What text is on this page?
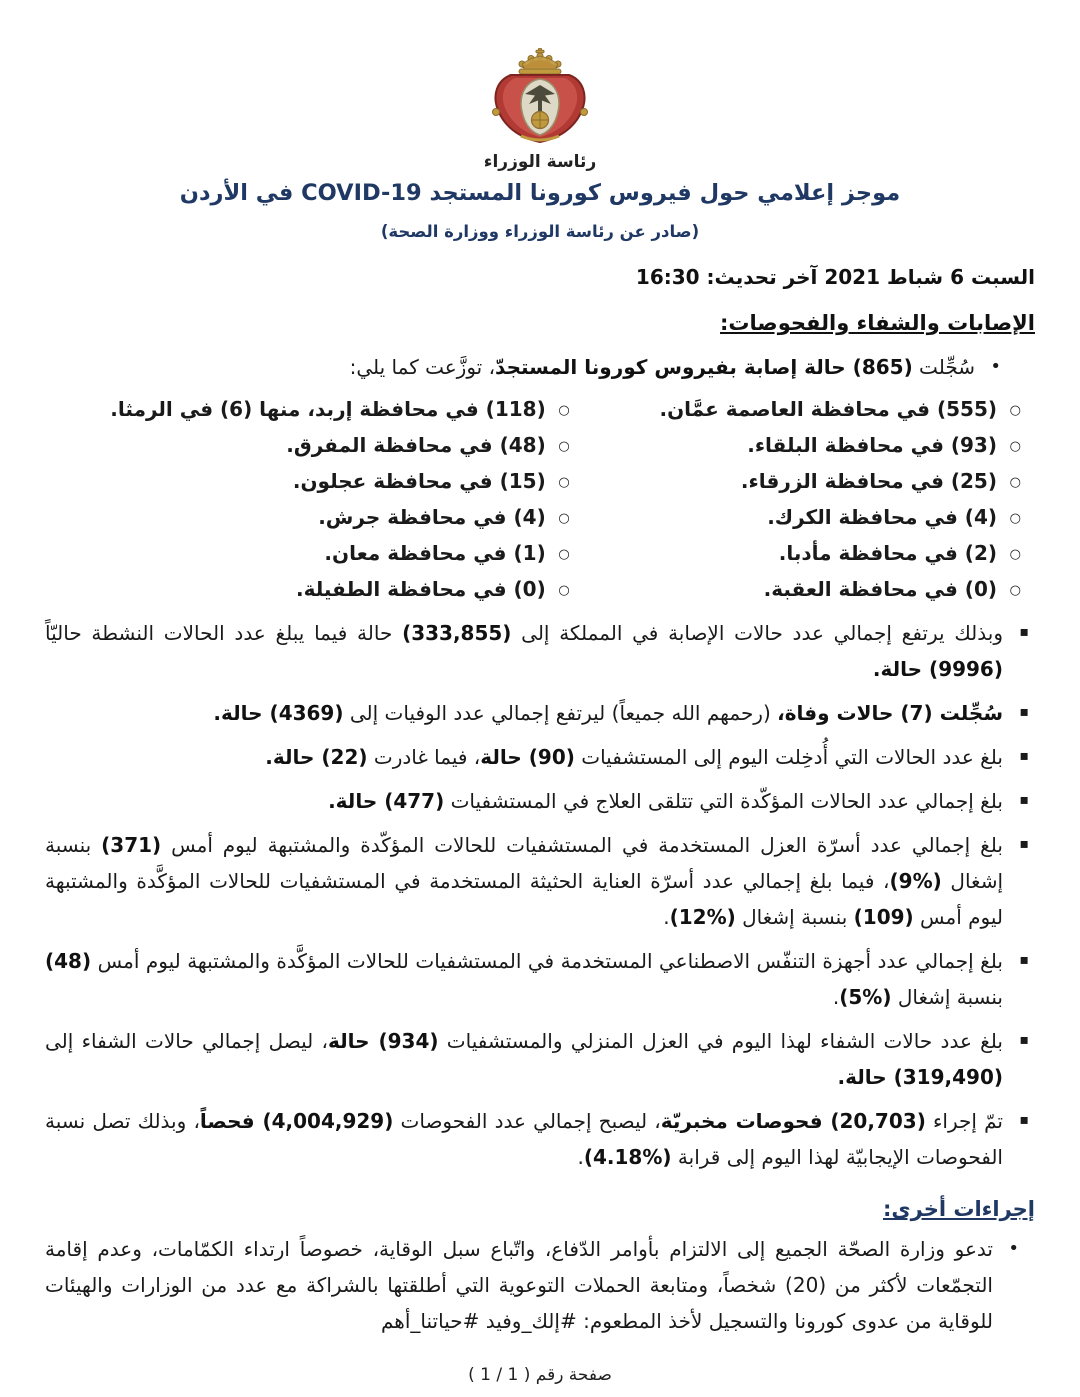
رئاسة الوزراء
موجز إعلامي حول فيروس كورونا المستجد COVID-19 في الأردن
(صادر عن رئاسة الوزراء ووزارة الصحة)
السبت 6 شباط 2021 آخر تحديث: 16:30
الإصابات والشفاء والفحوصات:
•

سُجِّلت (865) حالة إصابة بفيروس كورونا المستجدّ، توزَّعت كما يلي:

○
(555) في محافظة العاصمة عمَّان.
○
(93) في محافظة البلقاء.
○
(25) في محافظة الزرقاء.
○
(4) في محافظة الكرك.
○
(2) في محافظة مأدبا.
○
(0) في محافظة العقبة.
○
(118) في محافظة إربد، منها (6) في الرمثا.
○
(48) في محافظة المفرق.
○
(15) في محافظة عجلون.
○
(4) في محافظة جرش.
○
(1) في محافظة معان.
○
(0) في محافظة الطفيلة.
▪

وبذلك يرتفع إجمالي عدد حالات الإصابة في المملكة إلى (333,855) حالة فيما يبلغ عدد الحالات النشطة حاليّاً (9996) حالة.

▪

سُجِّلت (7) حالات وفاة، (رحمهم الله جميعاً) ليرتفع إجمالي عدد الوفيات إلى (4369) حالة.

▪

بلغ عدد الحالات التي أُدخِلت اليوم إلى المستشفيات (90) حالة، فيما غادرت (22) حالة.

▪

بلغ إجمالي عدد الحالات المؤكّدة التي تتلقى العلاج في المستشفيات (477) حالة.

▪

بلغ إجمالي عدد أسرّة العزل المستخدمة في المستشفيات للحالات المؤكّدة والمشتبهة ليوم أمس (371) بنسبة إشغال (%9)، فيما بلغ إجمالي عدد أسرّة العناية الحثيثة المستخدمة في المستشفيات للحالات المؤكَّدة والمشتبهة ليوم أمس (109) بنسبة إشغال (%12).

▪

بلغ إجمالي عدد أجهزة التنفّس الاصطناعي المستخدمة في المستشفيات للحالات المؤكَّدة والمشتبهة ليوم أمس (48) بنسبة إشغال (%5).

▪

بلغ عدد حالات الشفاء لهذا اليوم في العزل المنزلي والمستشفيات (934) حالة، ليصل إجمالي حالات الشفاء إلى (319,490) حالة.

▪

تمّ إجراء (20,703) فحوصات مخبريّة، ليصبح إجمالي عدد الفحوصات (4,004,929) فحصاً، وبذلك تصل نسبة الفحوصات الإيجابيّة لهذا اليوم إلى قرابة (%4.18).

إجراءات أخرى:
•

تدعو وزارة الصحّة الجميع إلى الالتزام بأوامر الدّفاع، واتّباع سبل الوقاية، خصوصاً ارتداء الكمّامات، وعدم إقامة التجمّعات لأكثر من (20) شخصاً، ومتابعة الحملات التوعوية التي أطلقتها بالشراكة مع عدد من الوزارات والهيئات للوقاية من عدوى كورونا والتسجيل لأخذ المطعوم: #إلك_وفيد #حياتنا_أهم

صفحة رقم ( 1 / 1 )
